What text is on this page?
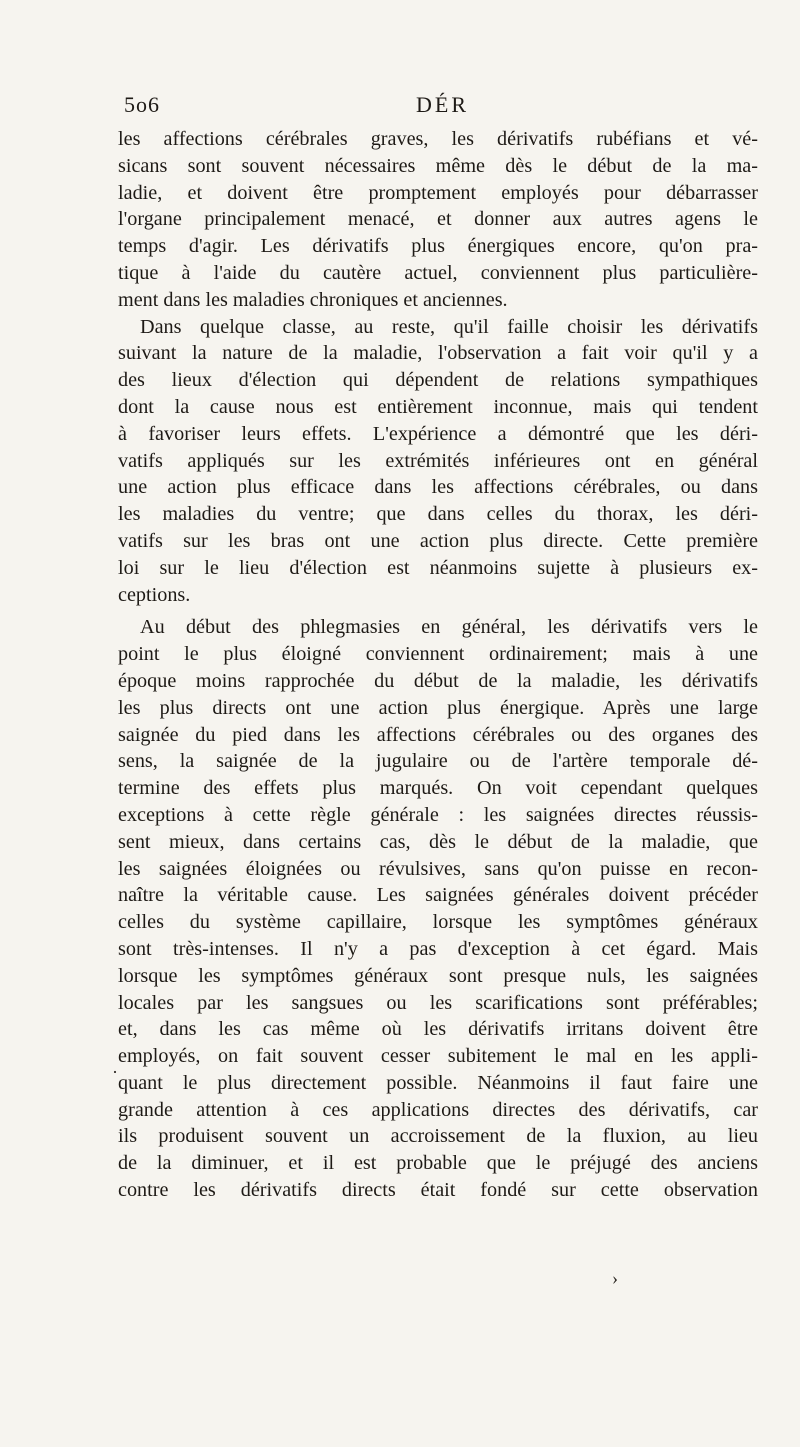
5o6	DÉR
les affections cérébrales graves, les dérivatifs rubéfians et vé-
sicans sont souvent nécessaires même dès le début de la ma-
ladie, et doivent être promptement employés pour débarrasser
l'organe principalement menacé, et donner aux autres agens le
temps d'agir. Les dérivatifs plus énergiques encore, qu'on pra-
tique à l'aide du cautère actuel, conviennent plus particulière-
ment dans les maladies chroniques et anciennes.
Dans quelque classe, au reste, qu'il faille choisir les dérivatifs
suivant la nature de la maladie, l'observation a fait voir qu'il y a
des lieux d'élection qui dépendent de relations sympathiques
dont la cause nous est entièrement inconnue, mais qui tendent
à favoriser leurs effets. L'expérience a démontré que les déri-
vatifs appliqués sur les extrémités inférieures ont en général
une action plus efficace dans les affections cérébrales, ou dans
les maladies du ventre; que dans celles du thorax, les déri-
vatifs sur les bras ont une action plus directe. Cette première
loi sur le lieu d'élection est néanmoins sujette à plusieurs ex-
ceptions.
Au début des phlegmasies en général, les dérivatifs vers le
point le plus éloigné conviennent ordinairement; mais à une
époque moins rapprochée du début de la maladie, les dérivatifs
les plus directs ont une action plus énergique. Après une large
saignée du pied dans les affections cérébrales ou des organes des
sens, la saignée de la jugulaire ou de l'artère temporale dé-
termine des effets plus marqués. On voit cependant quelques
exceptions à cette règle générale : les saignées directes réussis-
sent mieux, dans certains cas, dès le début de la maladie, que
les saignées éloignées ou révulsives, sans qu'on puisse en recon-
naître la véritable cause. Les saignées générales doivent précéder
celles du système capillaire, lorsque les symptômes généraux
sont très-intenses. Il n'y a pas d'exception à cet égard. Mais
lorsque les symptômes généraux sont presque nuls, les saignées
locales par les sangsues ou les scarifications sont préférables;
et, dans les cas même où les dérivatifs irritans doivent être
employés, on fait souvent cesser subitement le mal en les appli-
quant le plus directement possible. Néanmoins il faut faire une
grande attention à ces applications directes des dérivatifs, car
ils produisent souvent un accroissement de la fluxion, au lieu
de la diminuer, et il est probable que le préjugé des anciens
contre les dérivatifs directs était fondé sur cette observation
·
›
